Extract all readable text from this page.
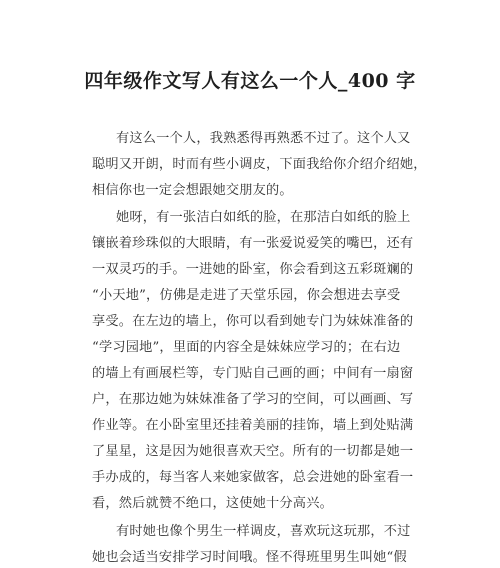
四年级作文写人有这么一个人_400 字
有这么一个人，我熟悉得再熟悉不过了。这个人又
聪明又开朗，时而有些小调皮，下面我给你介绍介绍她，
相信你也一定会想跟她交朋友的。
她呀，有一张洁白如纸的脸，在那洁白如纸的脸上
镶嵌着珍珠似的大眼睛，有一张爱说爱笑的嘴巴，还有
一双灵巧的手。一进她的卧室，你会看到这五彩斑斓的
“小天地”，仿佛是走进了天堂乐园，你会想进去享受
享受。在左边的墙上，你可以看到她专门为妹妹准备的
“学习园地”，里面的内容全是妹妹应学习的；在右边
的墙上有画展栏等，专门贴自己画的画；中间有一扇窗
户，在那边她为妹妹准备了学习的空间，可以画画、写
作业等。在小卧室里还挂着美丽的挂饰，墙上到处贴满
了星星，这是因为她很喜欢天空。所有的一切都是她一
手办成的，每当客人来她家做客，总会进她的卧室看一
看，然后就赞不绝口，这使她十分高兴。
有时她也像个男生一样调皮，喜欢玩这玩那，不过
她也会适当安排学习时间哦。怪不得班里男生叫她“假
